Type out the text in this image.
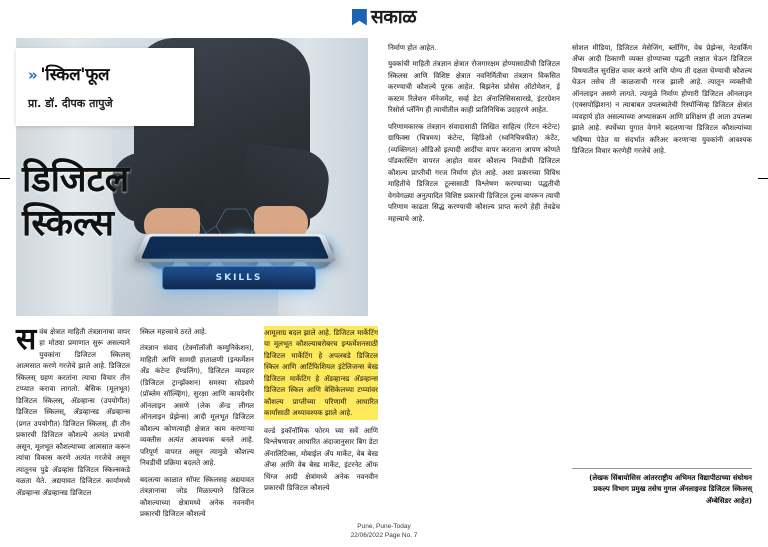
सकाळ
SKILLS
» 'स्किल'फूल
प्रा. डॉ. दीपक तापुजे
डिजिटल
स्किल्स

सवंब क्षेत्रात माहिती तंत्रज्ञानाचा वापर हा मोठ्या प्रमाणात सुरू असल्याने युवकांना डिजिटल स्किलस्‌ आत्मसात करणे गरजेचे झाले आहे. डिजिटल स्किलस्‌ ग्रहण करतांना त्याचा विचार तीन टप्प्यात करावा लागतो. बेसिक (मूलभूत) डिजिटल स्किलस्‌, अ‍ॅडव्हान्स (उपयोगीत) डिजिटल स्किलस्‌, अ‍ॅडव्हान्स्ड अ‍ॅडव्हान्स (प्रगत उपयोगीत) डिजिटल स्किलस्‌. ही तीन प्रकारची डिजिटल कौशल्ये अत्यंत प्रभावी असून, मूलभूत कौशल्याच्या आत्मसात करून त्यांचा विकास करणे अत्यंत गरजेचे असून त्यातूनच पुढे अ‍ॅडव्हांस डिजिटल स्किल्सकडे वळता येते. अद्ययावत डिजिटल कार्यामध्ये अ‍ॅडव्हान्स अ‍ॅडव्हान्स्ड डिजिटल

स्किल महत्त्वाचे ठरते आहे.

तंत्रज्ञान संवाद (टेक्नॉलॉजी कम्युनिकेशन), माहिती आणि सामग्री हाताळणी (इन्फर्मेशन अँड कंटेन्ट हॅण्डलिंग), डिजिटल व्यवहार (डिजिटल ट्रान्झॅक्शन) समस्या सोडवणे (प्रॉब्लेम सॉल्व्हिंग), सुरक्षा आणि कायदेशीर ऑनलाइन असणे (लेक ॲन्ड लीगल ऑनलाइन प्रेझेन्स) आदी मूलभूत डिजिटल कौशल्य कोणत्याही क्षेत्रात काम करणाऱ्या व्यक्तीस अत्यंत आवश्यक बनले आहे. परिपूर्ण वापरत असून त्यामुळे कौशल्य निवडीची प्रक्रिया बदलते आहे.

बदलत्या काळात सॉफ्ट स्किलसह अद्ययावत तंत्रज्ञानाचा जोड मिळाल्याने डिजिटल कौशल्याच्या क्षेत्रामध्ये अनेक नवनवीन प्रकारची डिजिटल कौशल्ये

आमूलाग्र बदल झाले आहे. डिजिटल मार्केटिंग या मूलभूत कौशल्याबरोबरच इन्फर्मेशनसाठी डिजिटल मार्केटिंग हे अपलबडे डिजिटल स्किल आणि आर्टिफिशियल इंटेलिजन्स बेस्ड डिजिटल मार्केटिंग हे अ‍ॅडव्हान्स्ड अ‍ॅडव्हान्स डिजिटल स्किल आणि बेसिकेलच्या टप्प्यांवर कौशल्य प्राप्तीच्या परिणामी आधारित कार्यांसाठी अध्यावश्यक झाले आहे.

वर्ल्ड इकॉनॉमिक फोरम च्या सर्वे आणि विश्लेषणावर आधारित अंदाजानुसार बिग डेटा अ‍ॅनालिटिक्स, मोबाईल अँप मार्केट, वेब बेस्ड अँप्स आणि वेब बेस्ड मार्केट, इंटरनेट ऑफ थिंग्ज आदी क्षेत्रांमध्ये अनेक नवनवीन प्रकारची डिजिटल कौशल्ये

निर्माण होत आहेत.

युवकांची माहिती तंत्रज्ञान क्षेत्रात रोजगारक्षम होण्यासाठीची डिजिटल स्किलस आणि विशिष्ट क्षेत्रात नवनिर्मितीचा तंत्रज्ञान विकसित करण्याची कौशल्ये पूरक आहेत. बिझनेस प्रोसेस ऑटोमेशन, ई कस्टम रिलेशन मॅनेजमेंट, सर्व्ह डेटा अ‍ॅनालिसिससारखे, इंटरग्रेशन रिसोर्स प्लॅनिंग ही त्याचीतील काही प्रातिनिधिक उदाहरणे आहेत.

परिणामकारक तंत्रज्ञान संवादासाठी लिखित साहित्य (रिटन कंटेन्ट) ग्राफिक्स (चित्रमय) कंटेन्ट, व्हिडिओ (ध्वनिचित्रफीत) कंटेंट, (व्यक्तिगत) ऑडिओ इत्यादी आदींचा वापर करताना आपण कोणते पॉडकास्टिंग वापरत आहोत यावर कौशल्य निवडीची डिजिटल कौशल्य प्राप्तीची गरज निर्माण होत आहे. अशा प्रकारच्या विविध माहितीचे डिजिटल टूल्ससाठी विश्लेषण करण्याच्या पद्धतीची वेगवेगळ्या अनुत्पादित विशिष्ट प्रकारची डिजिटल टूल्स वापरून त्याची परिणाम काढता सिद्ध करण्याची कौशल्य प्राप्त करणे हेही तेवढेच महत्त्वाचे आहे.

सोशल मीडिया, डिजिटल मेसेजिंग, ब्लॉगिंग, वेब प्रेझेन्स, नेटवर्किंग अँप्स आदी ठिकाणी व्यक्त होण्याच्या पद्धती लक्षात घेऊन डिजिटल विषयातील सुरक्षित वावर करणे आणि योग्य ती दक्षता घेण्याची कौशल्य घेऊन तसेच ती काळजाची गरज झाली आहे. त्यातून व्यक्तीची ऑनलाइन असणे लागते. त्यामुळे निर्माण होणारी डिजिटल ऑनलाइन (एक्सपोझिशन) न त्याबाबत उपलब्धतेची रिस्पॉन्सिव्ह डिजिटल क्षेत्रांत व्यवहार्य होत असल्याच्या अभ्यासक्रम आणि प्रशिक्षण ही आता उपलब्ध झाले आहे. स्पर्धेच्या युगात वेगाने बदलणाऱ्या डिजिटल कौशल्यांच्या भविष्या पेठेत या संदर्भात करिअर करणाऱ्या युवकांनी आवश्यक डिजिटल विचार करणेही गरजेचे आहे.

(लेखक सिंबायोसिस आंतरराष्ट्रीय अभिमत विद्यापीठाच्या संघोधन प्रकल्प विभाग प्रमुख तसेच गुगल अ‍ॅनलाइज्ड डिजिटल स्किलस्‌ अ‍ॅम्बेसिडर आहेत)
Pune, Pune-Today
22/06/2022 Page No. 7
